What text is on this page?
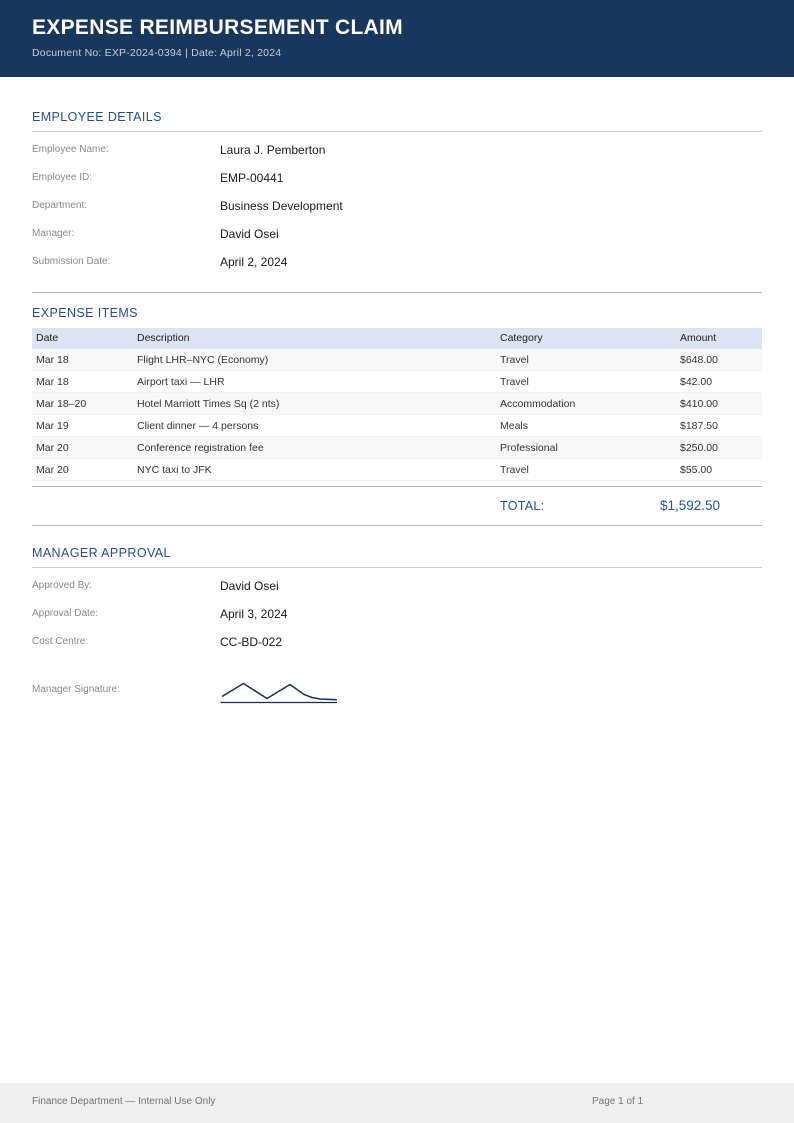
EXPENSE REIMBURSEMENT CLAIM
Document No: EXP-2024-0394 | Date: April 2, 2024
EMPLOYEE DETAILS
Employee Name:	Laura J. Pemberton
Employee ID:	EMP-00441
Department:	Business Development
Manager:	David Osei
Submission Date:	April 2, 2024
EXPENSE ITEMS
Date	Description	Category	Amount
Mar 18	Flight LHR–NYC (Economy)	Travel	$648.00
Mar 18	Airport taxi — LHR	Travel	$42.00
Mar 18–20	Hotel Marriott Times Sq (2 nts)	Accommodation	$410.00
Mar 19	Client dinner — 4 persons	Meals	$187.50
Mar 20	Conference registration fee	Professional	$250.00
Mar 20	NYC taxi to JFK	Travel	$55.00
TOTAL:	$1,592.50
MANAGER APPROVAL
Approved By:	David Osei
Approval Date:	April 3, 2024
Cost Centre:	CC-BD-022
Manager Signature:
Finance Department — Internal Use Only	Page 1 of 1
